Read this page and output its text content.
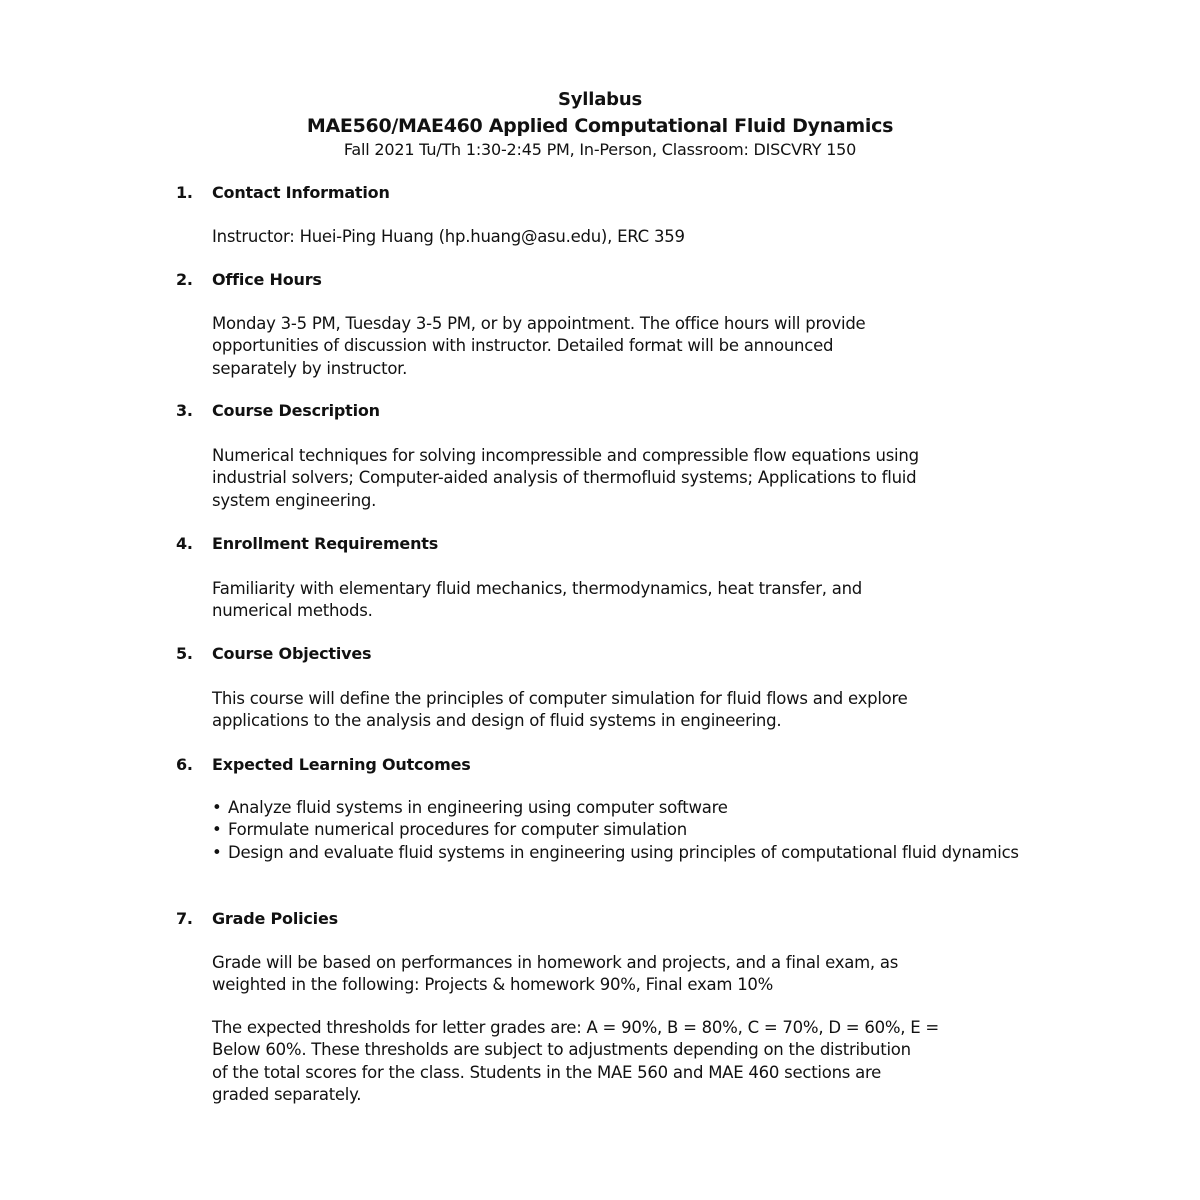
Syllabus
MAE560/MAE460 Applied Computational Fluid Dynamics
Fall 2021 Tu/Th 1:30-2:45 PM, In-Person, Classroom: DISCVRY 150
1.	Contact Information
Instructor: Huei-Ping Huang (hp.huang@asu.edu), ERC 359
2.	Office Hours
Monday 3-5 PM, Tuesday 3-5 PM, or by appointment. The office hours will provide
opportunities of discussion with instructor. Detailed format will be announced
separately by instructor.
3.	Course Description
Numerical techniques for solving incompressible and compressible flow equations using
industrial solvers; Computer-aided analysis of thermofluid systems; Applications to fluid
system engineering.
4.	Enrollment Requirements
Familiarity with elementary fluid mechanics, thermodynamics, heat transfer, and
numerical methods.
5.	Course Objectives
This course will define the principles of computer simulation for fluid flows and explore
applications to the analysis and design of fluid systems in engineering.
6.	Expected Learning Outcomes
• Analyze fluid systems in engineering using computer software
• Formulate numerical procedures for computer simulation
• Design and evaluate fluid systems in engineering using principles of computational fluid dynamics
7.	Grade Policies
Grade will be based on performances in homework and projects, and a final exam, as
weighted in the following: Projects & homework 90%, Final exam 10%
The expected thresholds for letter grades are: A = 90%, B = 80%, C = 70%, D = 60%, E =
Below 60%. These thresholds are subject to adjustments depending on the distribution
of the total scores for the class. Students in the MAE 560 and MAE 460 sections are
graded separately.
